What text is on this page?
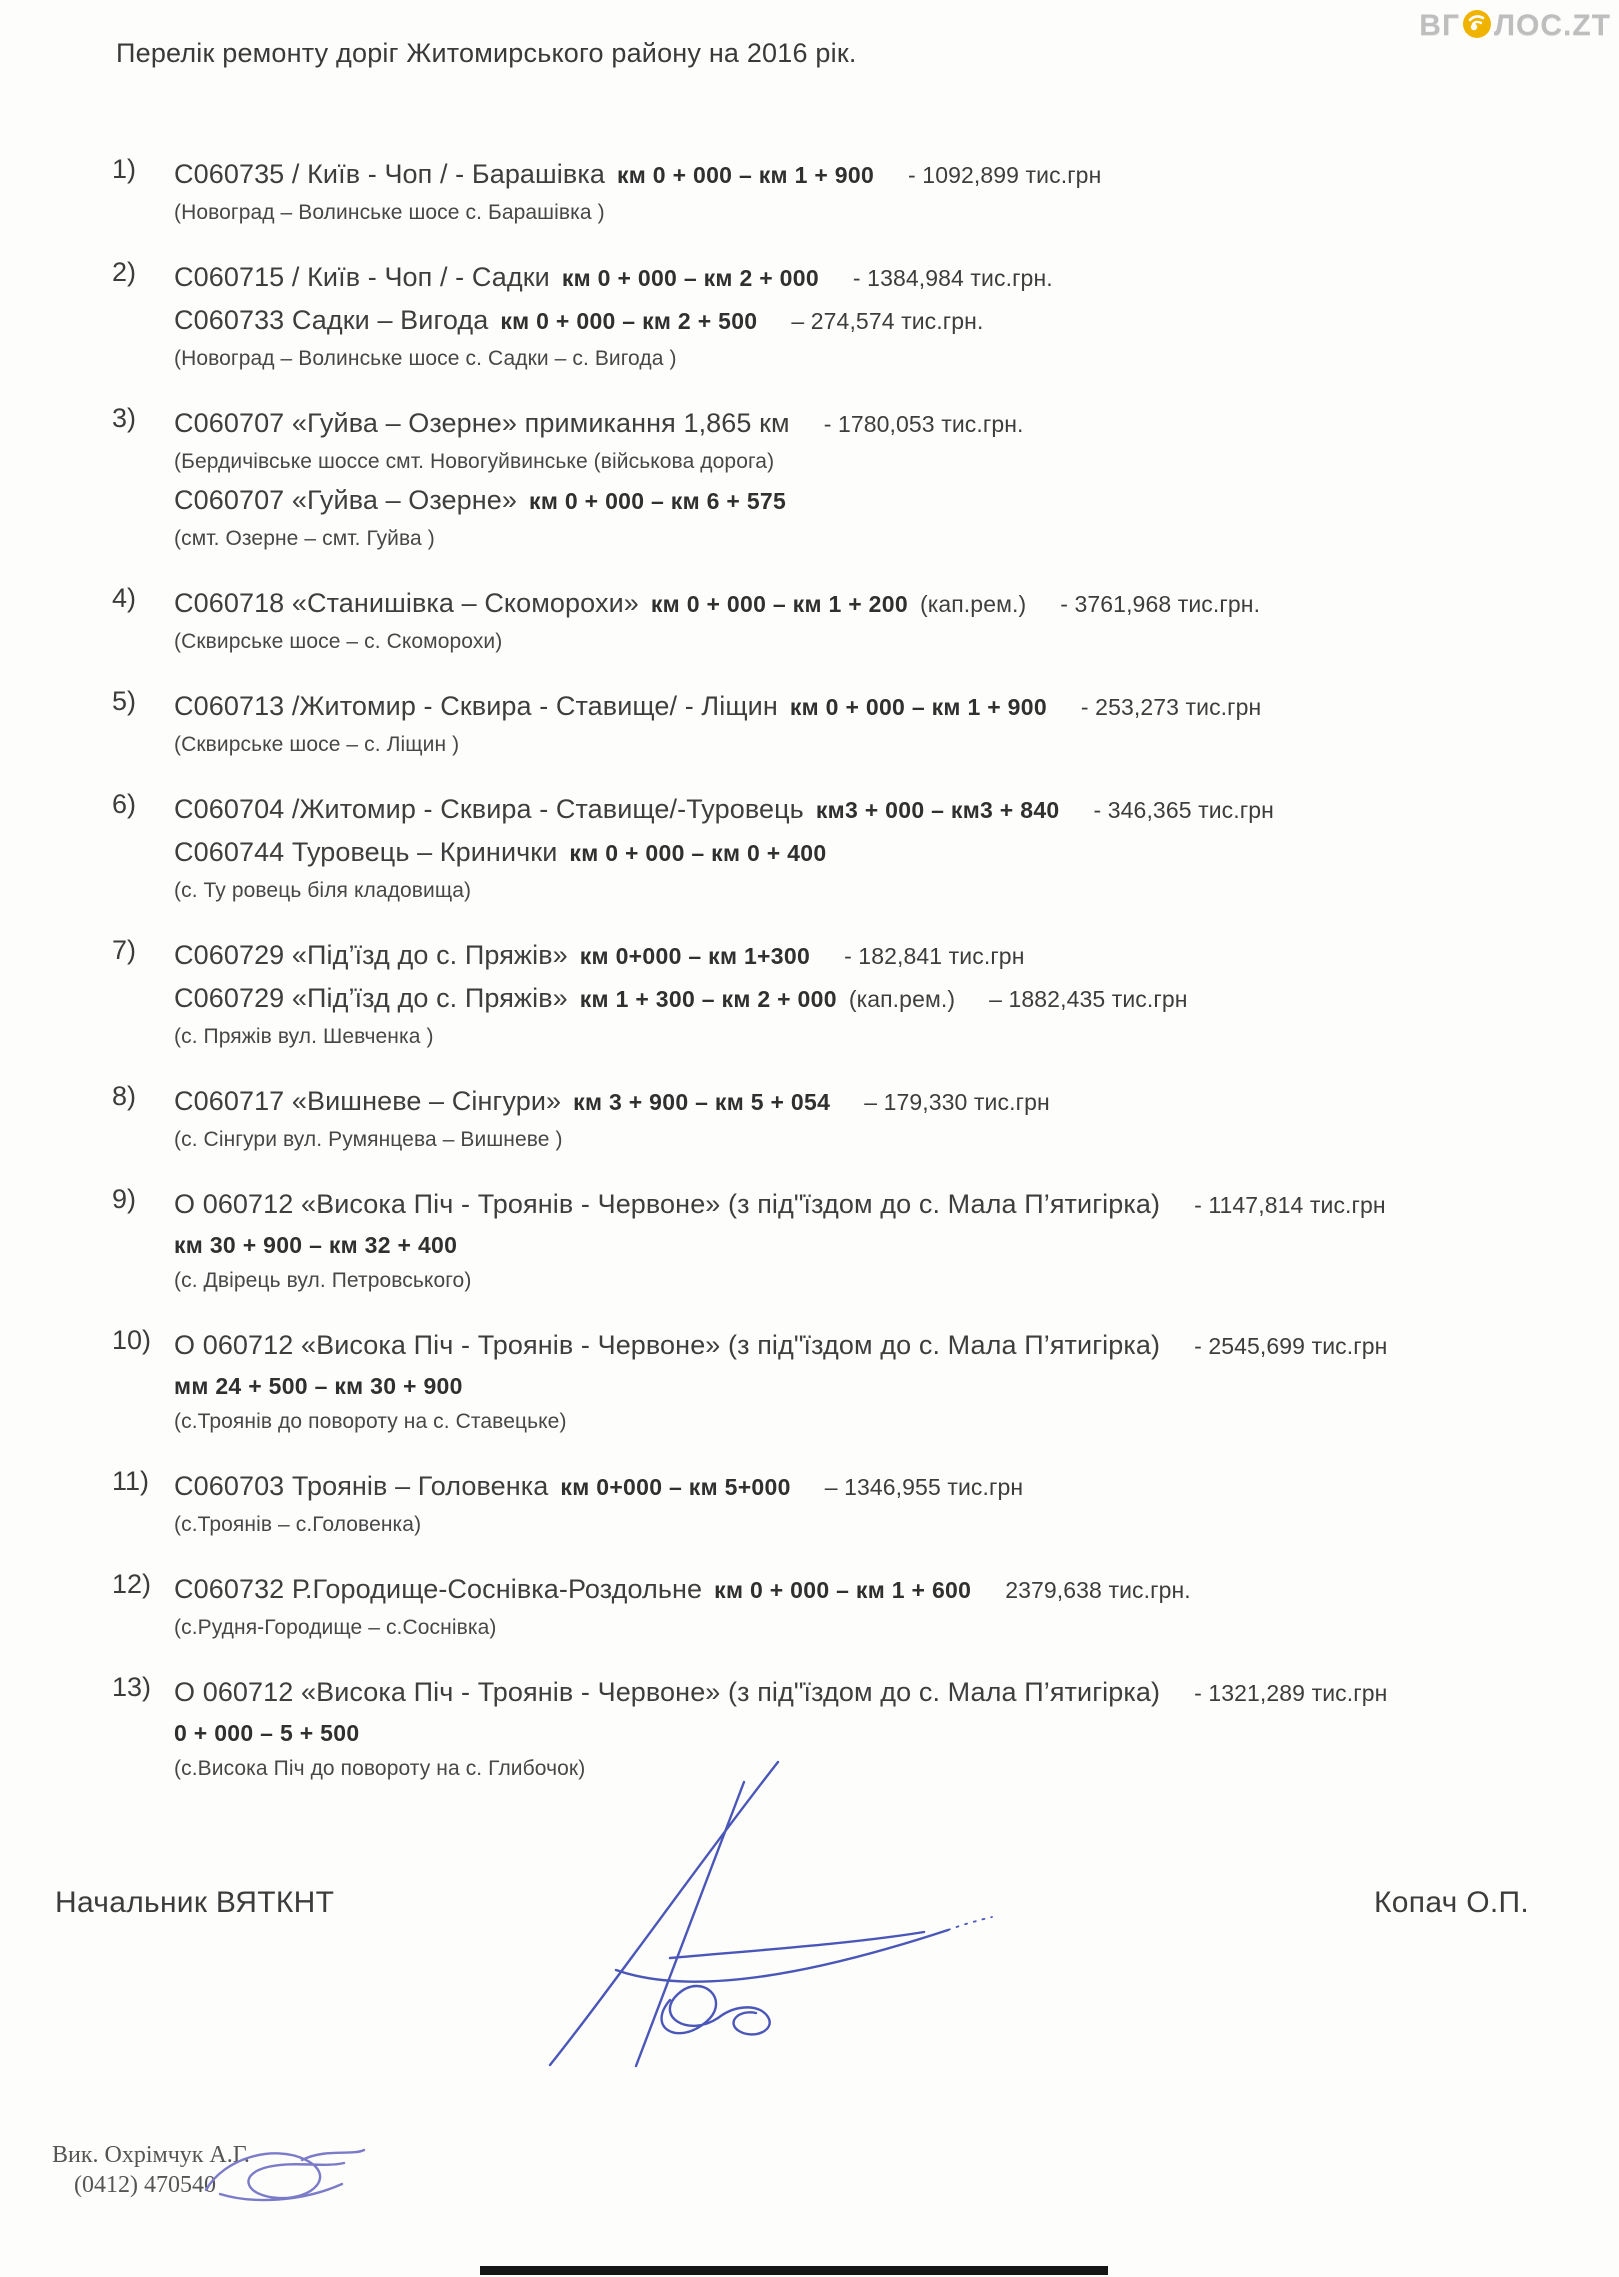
ВГ ЛОС.ZT
Перелік ремонту доріг Житомирського району на 2016 рік.
1)	С060735 / Київ - Чоп / - Барашівка км 0 + 000 – км 1 + 900 - 1092,899 тис.грн
(Новоград – Волинське шосе с. Барашівка )
2)	С060715 / Київ - Чоп / - Садки км 0 + 000 – км 2 + 000 - 1384,984 тис.грн.
С060733 Садки – Вигода км 0 + 000 – км 2 + 500 – 274,574 тис.грн.
(Новоград – Волинське шосе с. Садки – с. Вигода )
3)	С060707 «Гуйва – Озерне» примикання 1,865 км - 1780,053 тис.грн.
(Бердичівське шоссе смт. Новогуйвинське (військова дорога)
С060707 «Гуйва – Озерне» км 0 + 000 – км 6 + 575
(смт. Озерне – смт. Гуйва )
4)	С060718 «Станишівка – Скоморохи» км 0 + 000 – км 1 + 200 (кап.рем.) - 3761,968 тис.грн.
(Сквирське шосе – с. Скоморохи)
5)	С060713 /Житомир - Сквира - Ставище/ - Ліщин км 0 + 000 – км 1 + 900 - 253,273 тис.грн
(Сквирське шосе – с. Ліщин )
6)	С060704 /Житомир - Сквира - Ставище/-Туровець км3 + 000 – км3 + 840 - 346,365 тис.грн
С060744 Туровець – Кринички км 0 + 000 – км 0 + 400
(с. Ту ровець біля кладовища)
7)	С060729 «Під’їзд до с. Пряжів» км 0+000 – км 1+300 - 182,841 тис.грн
С060729 «Під’їзд до с. Пряжів» км 1 + 300 – км 2 + 000 (кап.рем.) – 1882,435 тис.грн
(с. Пряжів вул. Шевченка )
8)	С060717 «Вишневе – Сінгури» км 3 + 900 – км 5 + 054 – 179,330 тис.грн
(с. Сінгури вул. Румянцева – Вишневе )
9)	О 060712 «Висока Піч - Троянів - Червоне» (з під"їздом до с. Мала П’ятигірка) - 1147,814 тис.грн
км 30 + 900 – км 32 + 400
(с. Двірець вул. Петровського)
10) О 060712 «Висока Піч - Троянів - Червоне» (з під"їздом до с. Мала П’ятигірка) - 2545,699 тис.грн
мм 24 + 500 – км 30 + 900
(с.Троянів до повороту на с. Ставецьке)
11) С060703 Троянів – Головенка км 0+000 – км 5+000 – 1346,955 тис.грн
(с.Троянів – с.Головенка)
12) С060732 Р.Городище-Соснівка-Роздольне км 0 + 000 – км 1 + 600 2379,638 тис.грн.
(с.Рудня-Городище – с.Соснівка)
13) О 060712 «Висока Піч - Троянів - Червоне» (з під"їздом до с. Мала П’ятигірка) - 1321,289 тис.грн
0 + 000 – 5 + 500
(с.Висока Піч до повороту на с. Глибочок)
Начальник ВЯТКНТ	Копач О.П.
Вик. Охрімчук А.Г.
(0412) 470540
